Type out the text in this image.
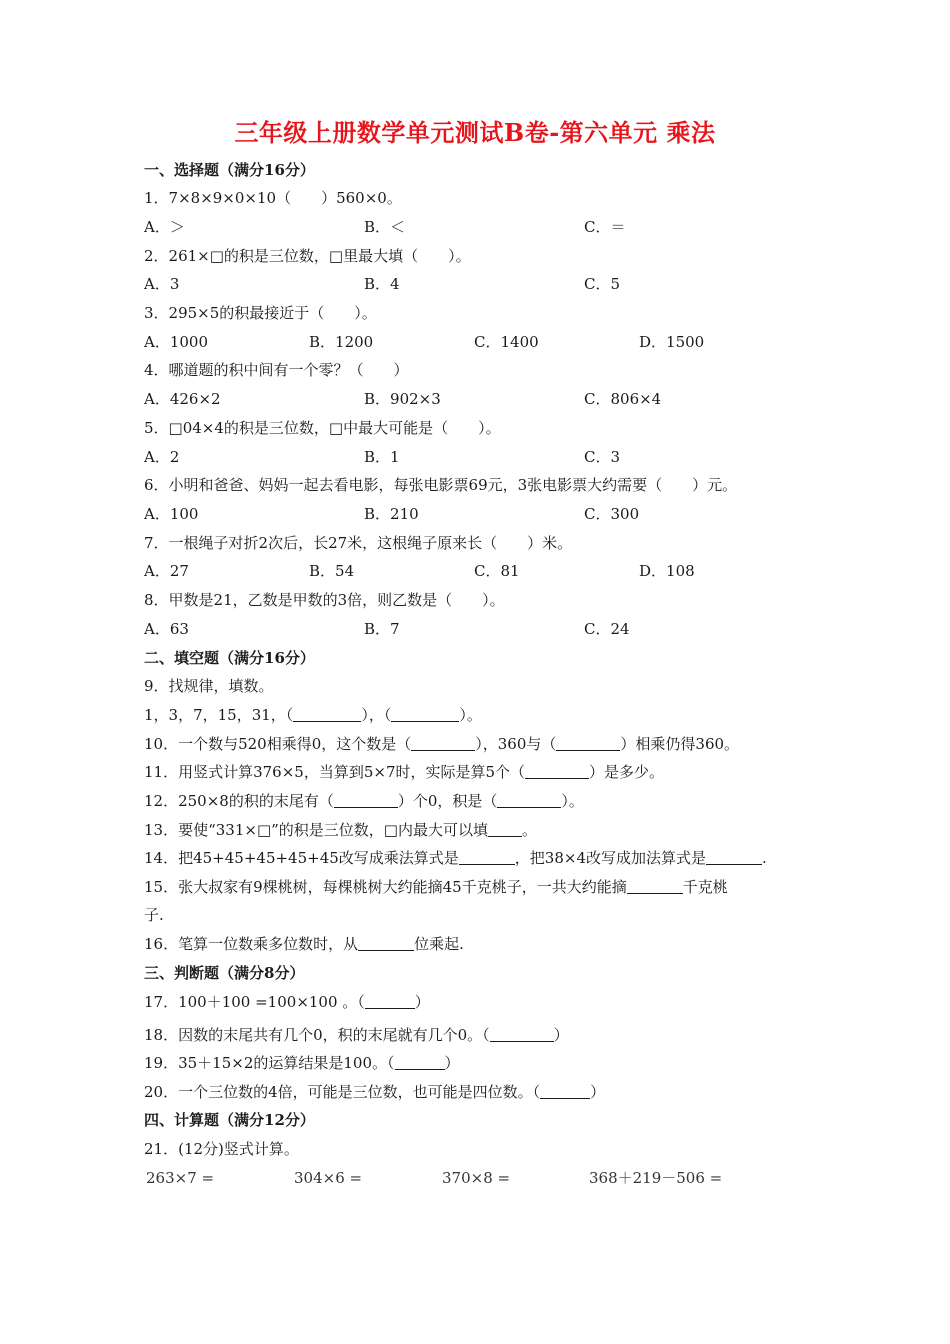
三年级上册数学单元测试B卷-第六单元 乘法
一、选择题（满分16分）
1．7×8×9×0×10（　　）560×0。
A．＞	B．＜	C．＝
2．261×□的积是三位数，□里最大填（　　）。
A．3	B．4	C．5
3．295×5的积最接近于（　　）。
A．1000	B．1200	C．1400	D．1500
4．哪道题的积中间有一个零？（　　）
A．426×2	B．902×3	C．806×4
5．□04×4的积是三位数，□中最大可能是（　　）。
A．2	B．1	C．3
6．小明和爸爸、妈妈一起去看电影，每张电影票69元，3张电影票大约需要（　　）元。
A．100	B．210	C．300
7．一根绳子对折2次后，长27米，这根绳子原来长（　　）米。
A．27	B．54	C．81	D．108
8．甲数是21，乙数是甲数的3倍，则乙数是（　　）。
A．63	B．7	C．24
二、填空题（满分16分）
9．找规律，填数。
1，3，7，15，31，（	），（	）。
10．一个数与520相乘得0，这个数是（	），360与（	）相乘仍得360。
11．用竖式计算376×5，当算到5×7时，实际是算5个（	）是多少。
12．250×8的积的末尾有（	）个0，积是（	）。
13．要使“331×□”的积是三位数，□内最大可以填 。
14．把45+45+45+45+45改写成乘法算式是	，把38×4改写成加法算式是	.
15．张大叔家有9棵桃树，每棵桃树大约能摘45千克桃子，一共大约能摘	千克桃
子.
16．笔算一位数乘多位数时，从	位乘起.
三、判断题（满分8分）
17．100＋100 =100×100 。（	）
18．因数的末尾共有几个0，积的末尾就有几个0。（	）
19．35＋15×2的运算结果是100。（	）
20．一个三位数的4倍，可能是三位数，也可能是四位数。（	）
四、计算题（满分12分）
21．(12分)竖式计算。
263×7 =	304×6 =	370×8 =	368＋219－506 =
